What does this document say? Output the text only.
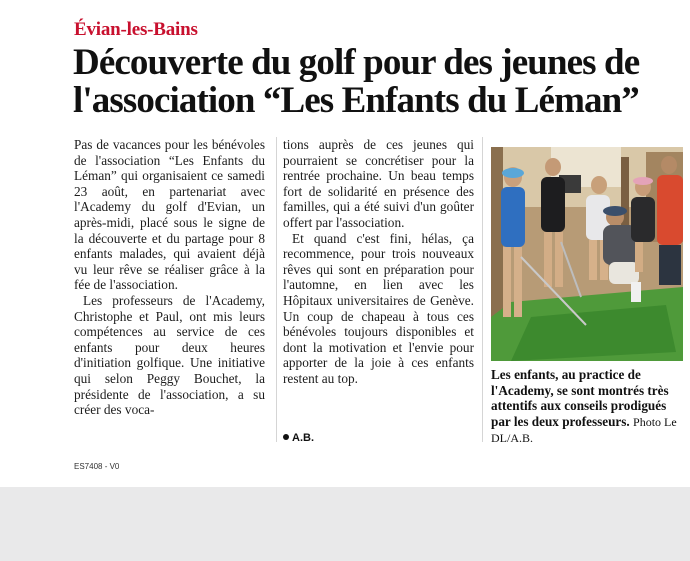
Évian-les-Bains
Découverte du golf pour des jeunes de
l'association “Les Enfants du Léman”

Pas de vacances pour les bénévoles de l'association “Les Enfants du Léman” qui organisaient ce samedi 23 août, en partenariat avec l'Academy du golf d'Evian, un après-midi, placé sous le signe de la découverte et du partage pour 8 enfants malades, qui avaient déjà vu leur rêve se réaliser grâce à la fée de l'association.

Les professeurs de l'Academy, Christophe et Paul, ont mis leurs compétences au service de ces enfants pour deux heures d'initiation golfique. Une initiative qui selon Peggy Bouchet, la présidente de l'association, a su créer des voca-

tions auprès de ces jeunes qui pourraient se concrétiser pour la rentrée prochaine. Un beau temps fort de solidarité en présence des familles, qui a été suivi d'un goûter offert par l'association.

Et quand c'est fini, hélas, ça recommence, pour trois nouveaux rêves qui sont en préparation pour l'automne, en lien avec les Hôpitaux universitaires de Genève. Un coup de chapeau à tous ces bénévoles toujours disponibles et dont la motivation et l'envie pour apporter de la joie à ces enfants restent au top.

A.B.
Les enfants, au practice de l'Academy, se sont montrés très attentifs aux conseils prodigués par les deux professeurs. Photo Le DL/A.B.
ES7408 - V0
